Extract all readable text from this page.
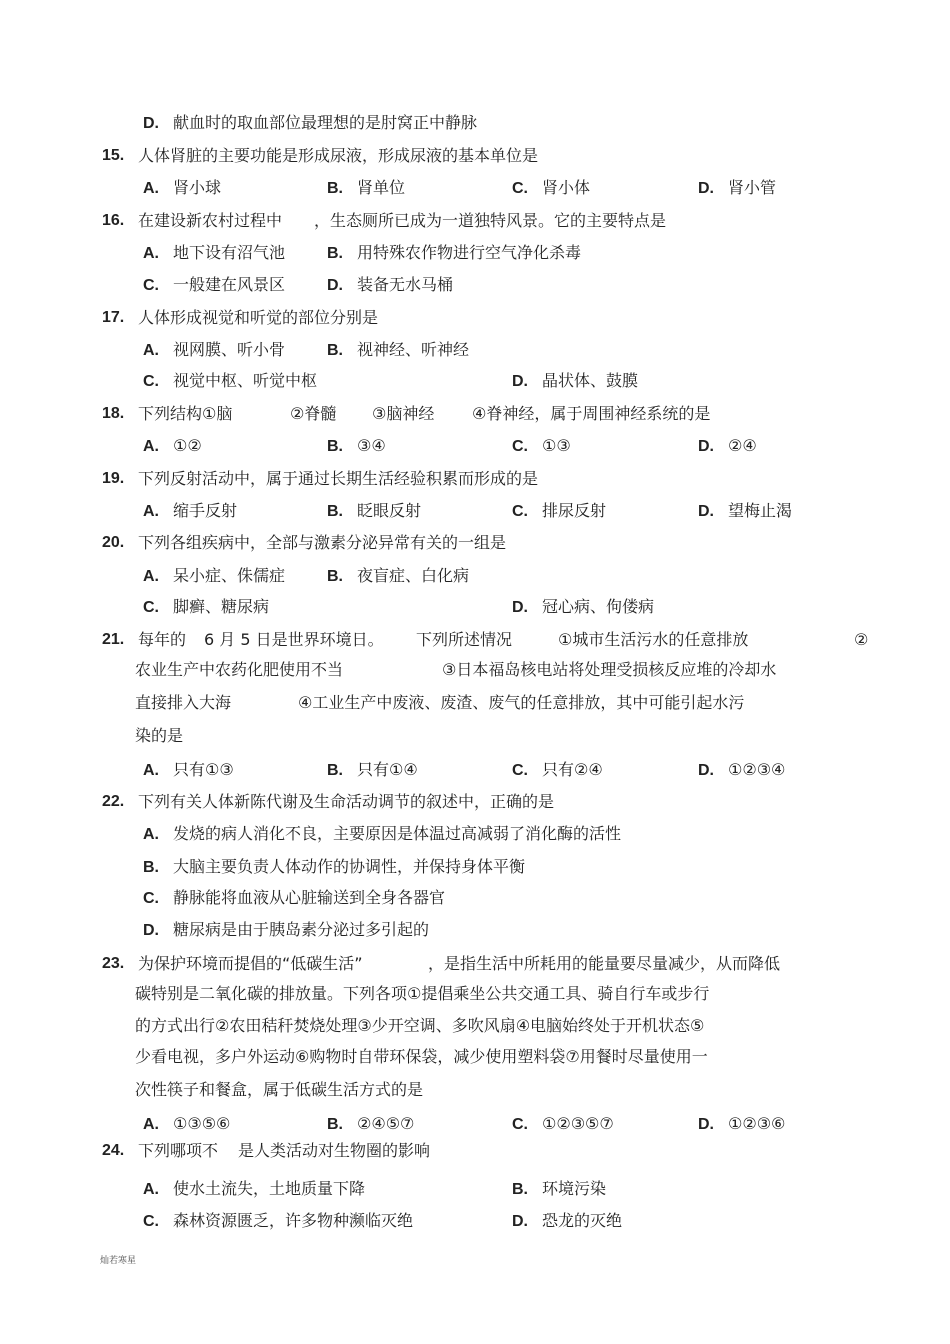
D. 献血时的取血部位最理想的是肘窝正中静脉
15. 人体肾脏的主要功能是形成尿液，形成尿液的基本单位是
A. 肾小球	B. 肾单位	C. 肾小体	D. 肾小管
16. 在建设新农村过程中　　，生态厕所已成为一道独特风景。它的主要特点是
A. 地下设有沼气池	B. 用特殊农作物进行空气净化杀毒
C. 一般建在风景区	D. 装备无水马桶
17. 人体形成视觉和听觉的部位分别是
A. 视网膜、听小骨	B. 视神经、听神经
C. 视觉中枢、听觉中枢	D. 晶状体、鼓膜
18. 下列结构①脑	②脊髓 ③脑神经 ④脊神经，属于周围神经系统的是
A. ①②	B. ③④	C. ①③	D. ②④
19. 下列反射活动中，属于通过长期生活经验积累而形成的是
A. 缩手反射	B. 眨眼反射	C. 排尿反射	D. 望梅止渴
20. 下列各组疾病中，全部与激素分泌异常有关的一组是
A. 呆小症、侏儒症	B. 夜盲症、白化病
C. 脚癣、糖尿病	D. 冠心病、佝偻病
21. 每年的 6 月 5 日是世界环境日。 下列所述情况	①城市生活污水的任意排放	②
农业生产中农药化肥使用不当	③日本福岛核电站将处理受损核反应堆的冷却水
直接排入大海	④工业生产中废液、废渣、废气的任意排放，其中可能引起水污
染的是
A. 只有①③	B. 只有①④	C. 只有②④	D. ①②③④
22. 下列有关人体新陈代谢及生命活动调节的叙述中，正确的是
A. 发烧的病人消化不良，主要原因是体温过高减弱了消化酶的活性
B. 大脑主要负责人体动作的协调性，并保持身体平衡
C. 静脉能将血液从心脏输送到全身各器官
D. 糖尿病是由于胰岛素分泌过多引起的
23. 为保护环境而提倡的“低碳生活”	，是指生活中所耗用的能量要尽量减少，从而降低
碳特别是二氧化碳的排放量。下列各项①提倡乘坐公共交通工具、骑自行车或步行
的方式出行②农田秸秆焚烧处理③少开空调、多吹风扇④电脑始终处于开机状态⑤
少看电视，多户外运动⑥购物时自带环保袋，减少使用塑料袋⑦用餐时尽量使用一
次性筷子和餐盒，属于低碳生活方式的是
A. ①③⑤⑥	B. ②④⑤⑦	C. ①②③⑤⑦	D. ①②③⑥
24. 下列哪项不 是人类活动对生物圈的影响
A. 使水土流失，土地质量下降	B. 环境污染
C. 森林资源匮乏，许多物种濒临灭绝	D. 恐龙的灭绝
灿若寒星
